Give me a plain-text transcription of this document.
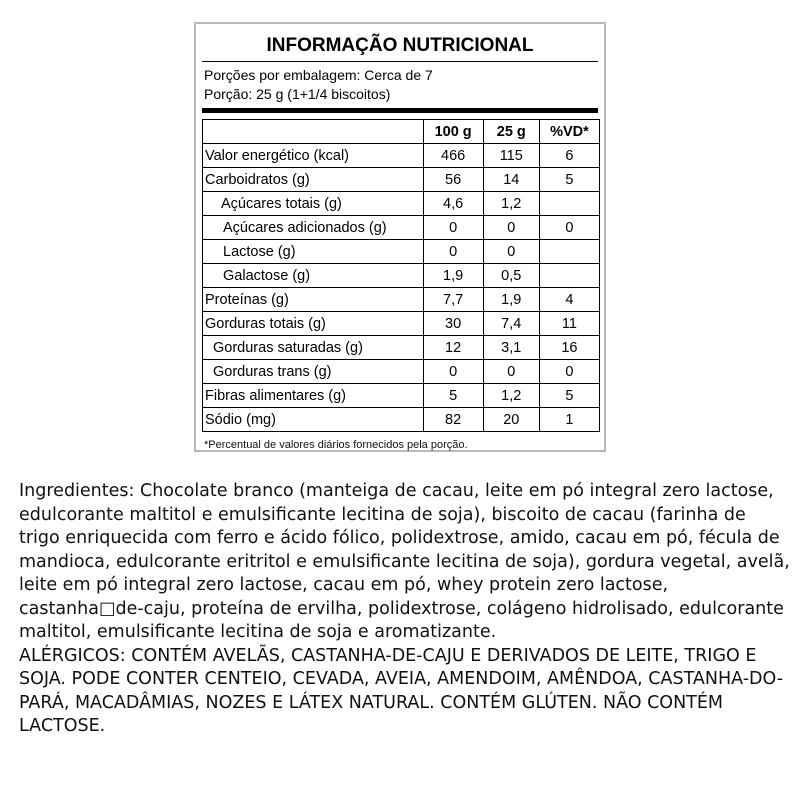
INFORMAÇÃO NUTRICIONAL
Porções por embalagem: Cerca de 7
Porção: 25 g (1+1/4 biscoitos)
	100 g	25 g	%VD*
Valor energético (kcal)	466	115	6
Carboidratos (g)	56	14	5
Açúcares totais (g)	4,6	1,2	
Açúcares adicionados (g)	0	0	0
Lactose (g)	0	0	
Galactose (g)	1,9	0,5	
Proteínas (g)	7,7	1,9	4
Gorduras totais (g)	30	7,4	11
Gorduras saturadas (g)	12	3,1	16
Gorduras trans (g)	0	0	0
Fibras alimentares (g)	5	1,2	5
Sódio (mg)	82	20	1
*Percentual de valores diários fornecidos pela porção.

Ingredientes: Chocolate branco (manteiga de cacau, leite em pó integral zero lactose, edulcorante maltitol e emulsificante lecitina de soja), biscoito de cacau (farinha de trigo enriquecida com ferro e ácido fólico, polidextrose, amido, cacau em pó, fécula de mandioca, edulcorante eritritol e emulsificante lecitina de soja), gordura vegetal, avelã, leite em pó integral zero lactose, cacau em pó, whey protein zero lactose, castanha□de-caju, proteína de ervilha, polidextrose, colágeno hidrolisado, edulcorante maltitol, emulsificante lecitina de soja e aromatizante.

ALÉRGICOS: CONTÉM AVELÃS, CASTANHA-DE-CAJU E DERIVADOS DE LEITE, TRIGO E SOJA. PODE CONTER CENTEIO, CEVADA, AVEIA, AMENDOIM, AMÊNDOA, CASTANHA-DO-PARÁ, MACADÂMIAS, NOZES E LÁTEX NATURAL. CONTÉM GLÚTEN. NÃO CONTÉM LACTOSE.
